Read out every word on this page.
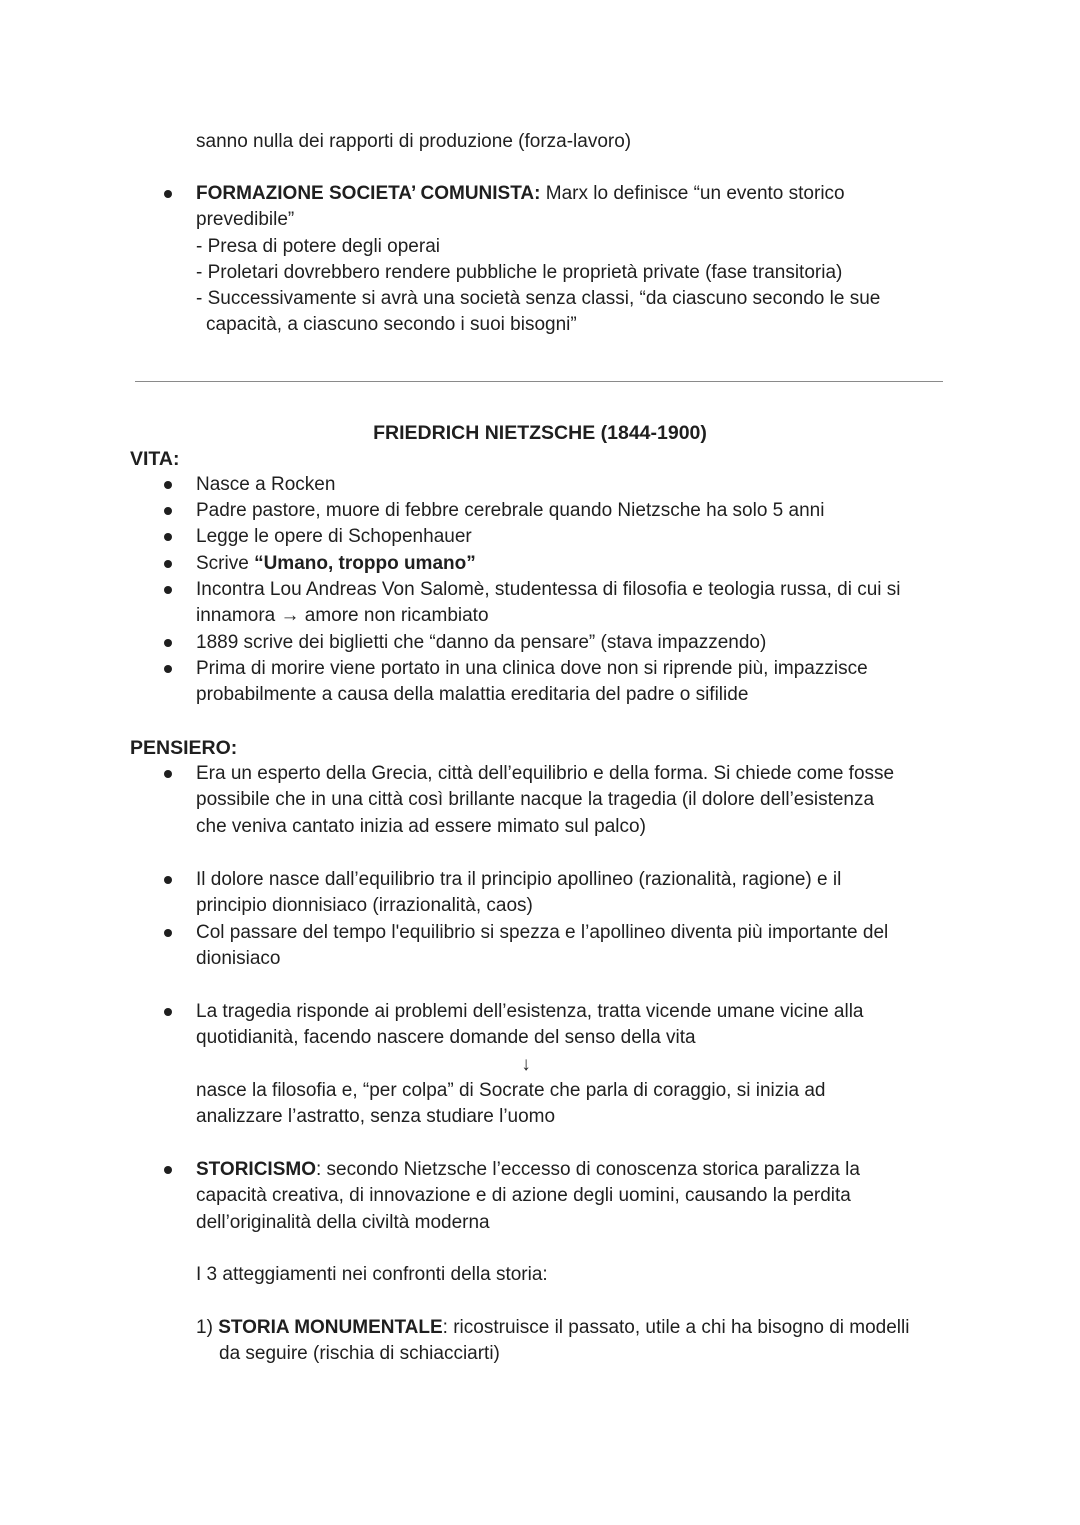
sanno nulla dei rapporti di produzione (forza-lavoro)
FORMAZIONE SOCIETA’ COMUNISTA: Marx lo definisce “un evento storico
prevedibile”
- Presa di potere degli operai
- Proletari dovrebbero rendere pubbliche le proprietà private (fase transitoria)
- Successivamente si avrà una società senza classi, “da ciascuno secondo le sue
capacità, a ciascuno secondo i suoi bisogni”
FRIEDRICH NIETZSCHE (1844-1900)
VITA:
Nasce a Rocken
Padre pastore, muore di febbre cerebrale quando Nietzsche ha solo 5 anni
Legge le opere di Schopenhauer
Scrive “Umano, troppo umano”
Incontra Lou Andreas Von Salomè, studentessa di filosofia e teologia russa, di cui si
innamora → amore non ricambiato
1889 scrive dei biglietti che “danno da pensare” (stava impazzendo)
Prima di morire viene portato in una clinica dove non si riprende più, impazzisce
probabilmente a causa della malattia ereditaria del padre o sifilide
PENSIERO:
Era un esperto della Grecia, città dell’equilibrio e della forma. Si chiede come fosse
possibile che in una città così brillante nacque la tragedia (il dolore dell’esistenza
che veniva cantato inizia ad essere mimato sul palco)
Il dolore nasce dall’equilibrio tra il principio apollineo (razionalità, ragione) e il
principio dionnisiaco (irrazionalità, caos)
Col passare del tempo l'equilibrio si spezza e l’apollineo diventa più importante del
dionisiaco
La tragedia risponde ai problemi dell’esistenza, tratta vicende umane vicine alla
quotidianità, facendo nascere domande del senso della vita
↓
nasce la filosofia e, “per colpa” di Socrate che parla di coraggio, si inizia ad
analizzare l’astratto, senza studiare l’uomo
STORICISMO: secondo Nietzsche l’eccesso di conoscenza storica paralizza la
capacità creativa, di innovazione e di azione degli uomini, causando la perdita
dell’originalità della civiltà moderna
I 3 atteggiamenti nei confronti della storia:
1) STORIA MONUMENTALE: ricostruisce il passato, utile a chi ha bisogno di modelli
da seguire (rischia di schiacciarti)
